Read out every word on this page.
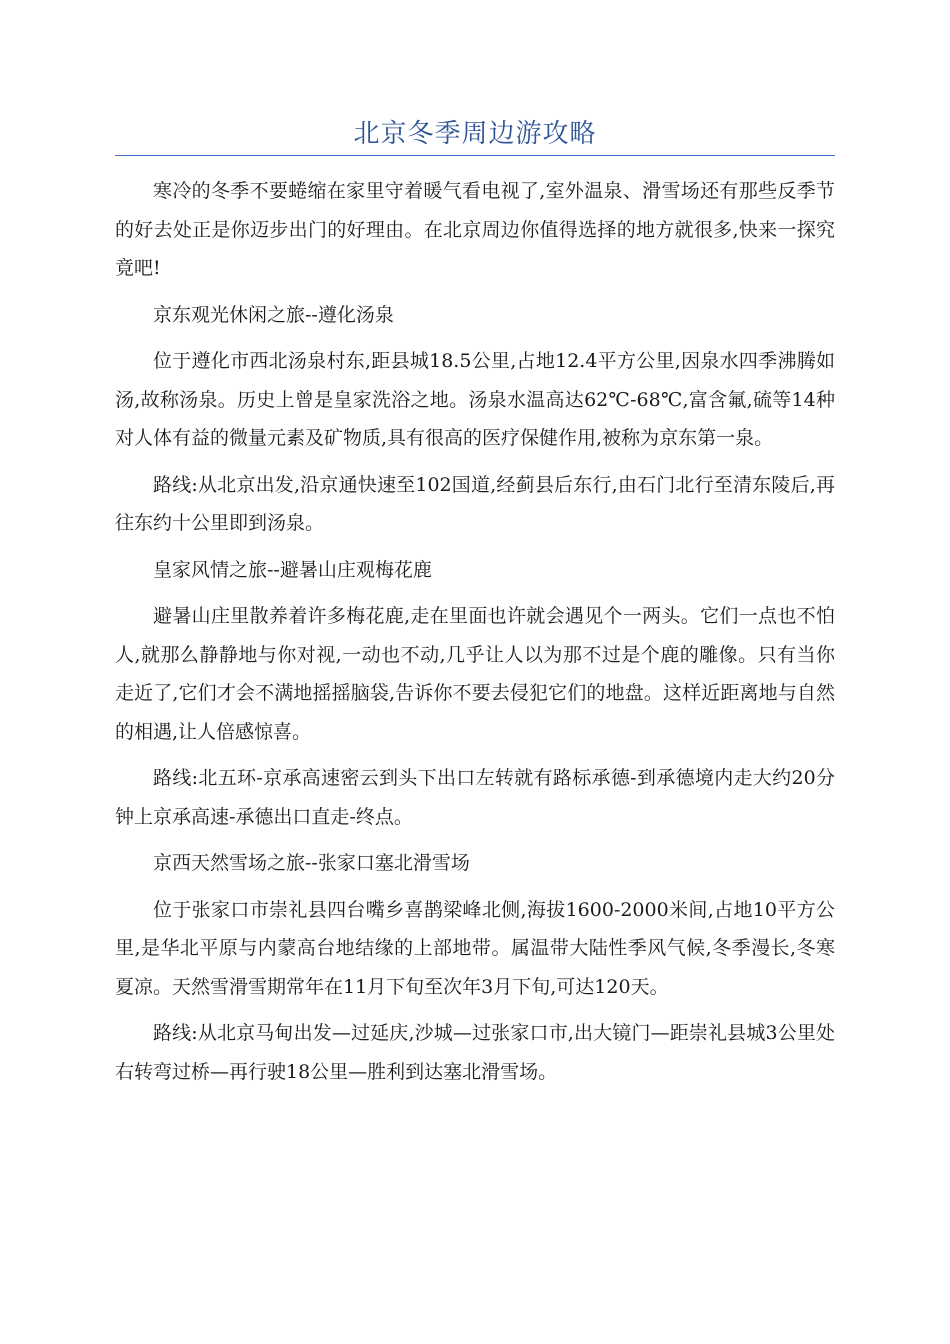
北京冬季周边游攻略

寒冷的冬季不要蜷缩在家里守着暖气看电视了,室外温泉、滑雪场还有那些反季节的好去处正是你迈步出门的好理由。在北京周边你值得选择的地方就很多,快来一探究竟吧!

京东观光休闲之旅--遵化汤泉

位于遵化市西北汤泉村东,距县城18.5公里,占地12.4平方公里,因泉水四季沸腾如汤,故称汤泉。历史上曾是皇家洗浴之地。汤泉水温高达62℃-68℃,富含氟,硫等14种对人体有益的微量元素及矿物质,具有很高的医疗保健作用,被称为京东第一泉。

路线:从北京出发,沿京通快速至102国道,经蓟县后东行,由石门北行至清东陵后,再往东约十公里即到汤泉。

皇家风情之旅--避暑山庄观梅花鹿

避暑山庄里散养着许多梅花鹿,走在里面也许就会遇见个一两头。它们一点也不怕人,就那么静静地与你对视,一动也不动,几乎让人以为那不过是个鹿的雕像。只有当你走近了,它们才会不满地摇摇脑袋,告诉你不要去侵犯它们的地盘。这样近距离地与自然的相遇,让人倍感惊喜。

路线:北五环-京承高速密云到头下出口左转就有路标承德-到承德境内走大约20分钟上京承高速-承德出口直走-终点。

京西天然雪场之旅--张家口塞北滑雪场

位于张家口市崇礼县四台嘴乡喜鹊梁峰北侧,海拔1600-2000米间,占地10平方公里,是华北平原与内蒙高台地结缘的上部地带。属温带大陆性季风气候,冬季漫长,冬寒夏凉。天然雪滑雪期常年在11月下旬至次年3月下旬,可达120天。

路线:从北京马甸出发—过延庆,沙城—过张家口市,出大镜门—距崇礼县城3公里处右转弯过桥—再行驶18公里—胜利到达塞北滑雪场。
